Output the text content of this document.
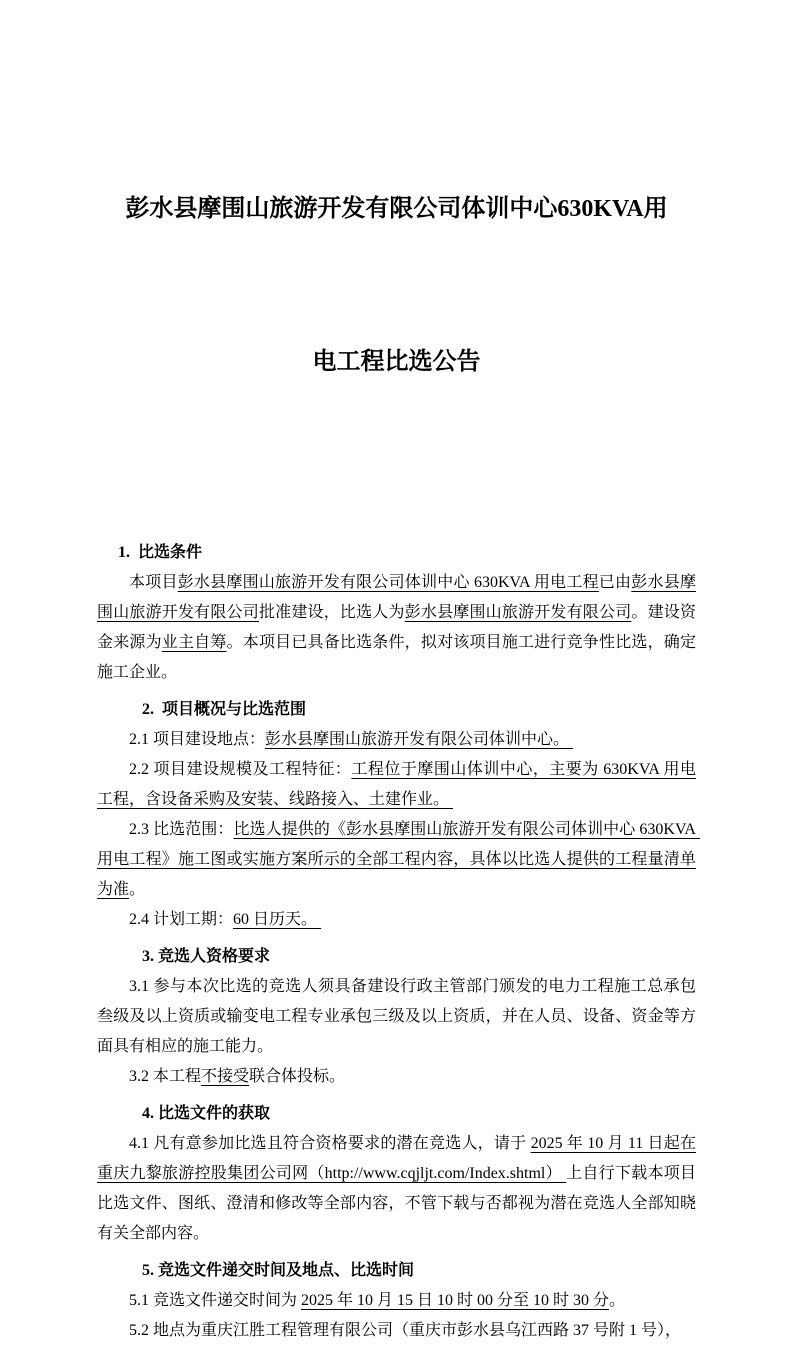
彭水县摩围山旅游开发有限公司体训中心630KVA用

电工程比选公告

1.  比选条件

本项目彭水县摩围山旅游开发有限公司体训中心 630KVA 用电工程已由彭水县摩围山旅游开发有限公司批准建设，比选人为彭水县摩围山旅游开发有限公司。建设资金来源为业主自筹。本项目已具备比选条件，拟对该项目施工进行竞争性比选，确定施工企业。

2.  项目概况与比选范围

2.1 项目建设地点：彭水县摩围山旅游开发有限公司体训中心。

2.2 项目建设规模及工程特征：工程位于摩围山体训中心，主要为 630KVA 用电工程，含设备采购及安装、线路接入、土建作业。

2.3 比选范围：比选人提供的《彭水县摩围山旅游开发有限公司体训中心 630KVA 用电工程》施工图或实施方案所示的全部工程内容，具体以比选人提供的工程量清单为准。

2.4 计划工期：60 日历天。

3. 竞选人资格要求

3.1 参与本次比选的竞选人须具备建设行政主管部门颁发的电力工程施工总承包叁级及以上资质或输变电工程专业承包三级及以上资质，并在人员、设备、资金等方面具有相应的施工能力。

3.2 本工程不接受联合体投标。

4. 比选文件的获取

4.1 凡有意参加比选且符合资格要求的潜在竞选人，请于 2025 年 10 月 11 日起在重庆九黎旅游控股集团公司网（http://www.cqjljt.com/Index.shtml） 上自行下载本项目比选文件、图纸、澄清和修改等全部内容，不管下载与否都视为潜在竞选人全部知晓有关全部内容。

5. 竞选文件递交时间及地点、比选时间

5.1 竞选文件递交时间为 2025 年 10 月 15 日 10 时 00 分至 10 时 30 分。

5.2 地点为重庆江胜工程管理有限公司（重庆市彭水县乌江西路 37 号附 1 号），
